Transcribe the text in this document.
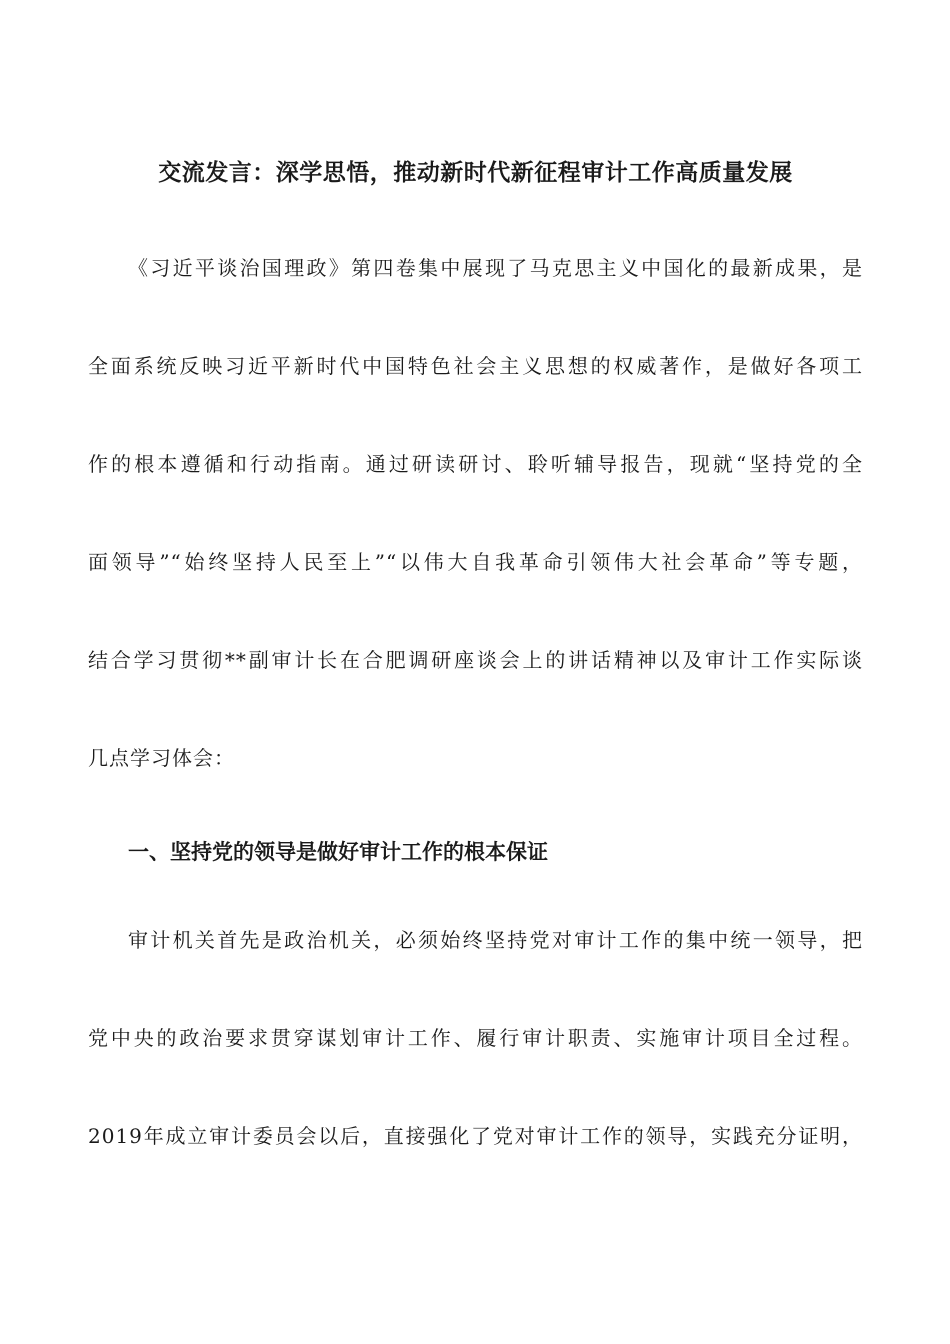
交流发言：深学思悟，推动新时代新征程审计工作高质量发展
《习近平谈治国理政》第四卷集中展现了马克思主义中国化的最新成果，是
全面系统反映习近平新时代中国特色社会主义思想的权威著作，是做好各项工
作的根本遵循和行动指南。通过研读研讨、聆听辅导报告，现就“坚持党的全
面领导”“始终坚持人民至上”“以伟大自我革命引领伟大社会革命”等专题，
结合学习贯彻**副审计长在合肥调研座谈会上的讲话精神以及审计工作实际谈
几点学习体会：
一、坚持党的领导是做好审计工作的根本保证
审计机关首先是政治机关，必须始终坚持党对审计工作的集中统一领导，把
党中央的政治要求贯穿谋划审计工作、履行审计职责、实施审计项目全过程。
2019年成立审计委员会以后，直接强化了党对审计工作的领导，实践充分证明，
